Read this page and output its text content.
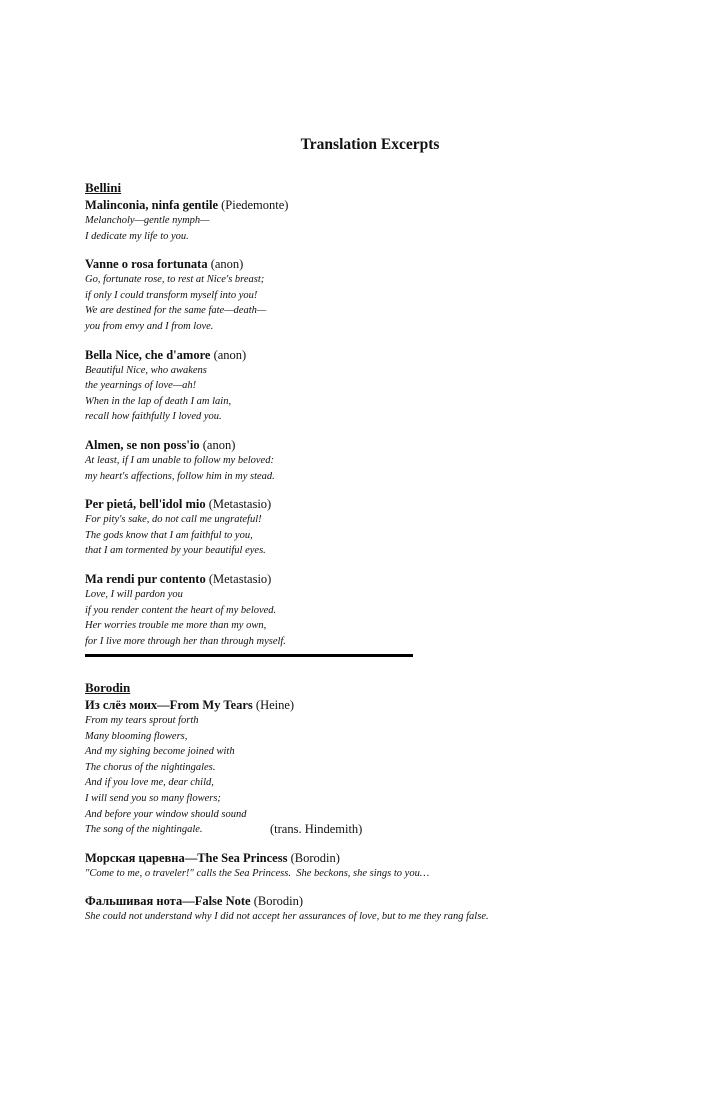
Translation Excerpts
Bellini
Malinconia, ninfa gentile (Piedemonte)
Melancholy—gentle nymph—
I dedicate my life to you.
Vanne o rosa fortunata (anon)
Go, fortunate rose, to rest at Nice's breast;
if only I could transform myself into you!
We are destined for the same fate—death—
you from envy and I from love.
Bella Nice, che d'amore (anon)
Beautiful Nice, who awakens
the yearnings of love—ah!
When in the lap of death I am lain,
recall how faithfully I loved you.
Almen, se non poss'io (anon)
At least, if I am unable to follow my beloved:
my heart's affections, follow him in my stead.
Per pietá, bell'idol mio (Metastasio)
For pity's sake, do not call me ungrateful!
The gods know that I am faithful to you,
that I am tormented by your beautiful eyes.
Ma rendi pur contento (Metastasio)
Love, I will pardon you
if you render content the heart of my beloved.
Her worries trouble me more than my own,
for I live more through her than through myself.
Borodin
Из слёз моих—From My Tears (Heine)
From my tears sprout forth
Many blooming flowers,
And my sighing become joined with
The chorus of the nightingales.
And if you love me, dear child,
I will send you so many flowers;
And before your window should sound
The song of the nightingale.	(trans. Hindemith)
Морская царевна—The Sea Princess (Borodin)
"Come to me, o traveler!" calls the Sea Princess.  She beckons, she sings to you…
Фальшивая нота—False Note (Borodin)
She could not understand why I did not accept her assurances of love, but to me they rang false.
